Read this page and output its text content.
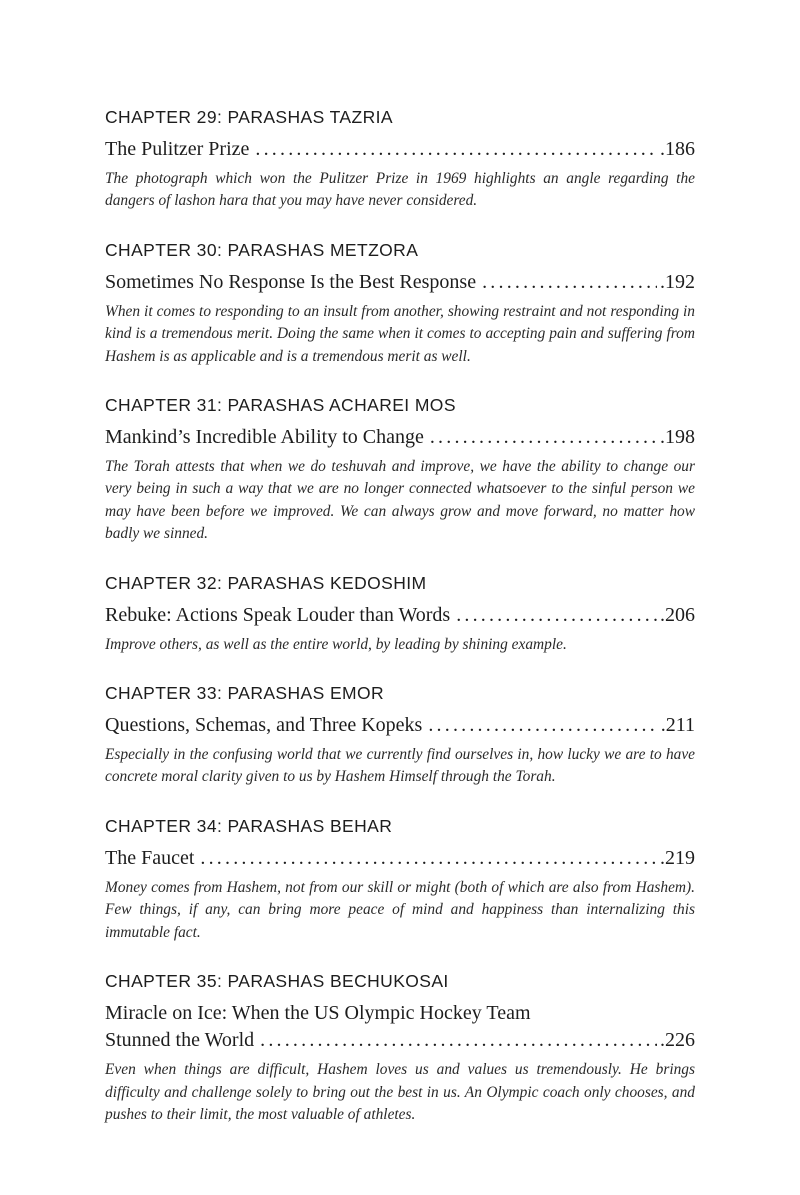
CHAPTER 29: PARASHAS TAZRIA
The Pulitzer Prize .....	.186
The photograph which won the Pulitzer Prize in 1969 highlights an angle regarding the dangers of lashon hara that you may have never considered.
CHAPTER 30: PARASHAS METZORA
Sometimes No Response Is the Best Response .....	.192
When it comes to responding to an insult from another, showing restraint and not responding in kind is a tremendous merit. Doing the same when it comes to accepting pain and suffering from Hashem is as applicable and is a tremendous merit as well.
CHAPTER 31: PARASHAS ACHAREI MOS
Mankind’s Incredible Ability to Change .....	.198
The Torah attests that when we do teshuvah and improve, we have the ability to change our very being in such a way that we are no longer connected whatsoever to the sinful person we may have been before we improved. We can always grow and move forward, no matter how badly we sinned.
CHAPTER 32: PARASHAS KEDOSHIM
Rebuke: Actions Speak Louder than Words .....	.206
Improve others, as well as the entire world, by leading by shining example.
CHAPTER 33: PARASHAS EMOR
Questions, Schemas, and Three Kopeks .....	.211
Especially in the confusing world that we currently find ourselves in, how lucky we are to have concrete moral clarity given to us by Hashem Himself through the Torah.
CHAPTER 34: PARASHAS BEHAR
The Faucet .....	.219
Money comes from Hashem, not from our skill or might (both of which are also from Hashem). Few things, if any, can bring more peace of mind and happiness than internalizing this immutable fact.
CHAPTER 35: PARASHAS BECHUKOSAI
Miracle on Ice: When the US Olympic Hockey Team
Stunned the World .....	.226
Even when things are difficult, Hashem loves us and values us tremendously. He brings difficulty and challenge solely to bring out the best in us. An Olympic coach only chooses, and pushes to their limit, the most valuable of athletes.
